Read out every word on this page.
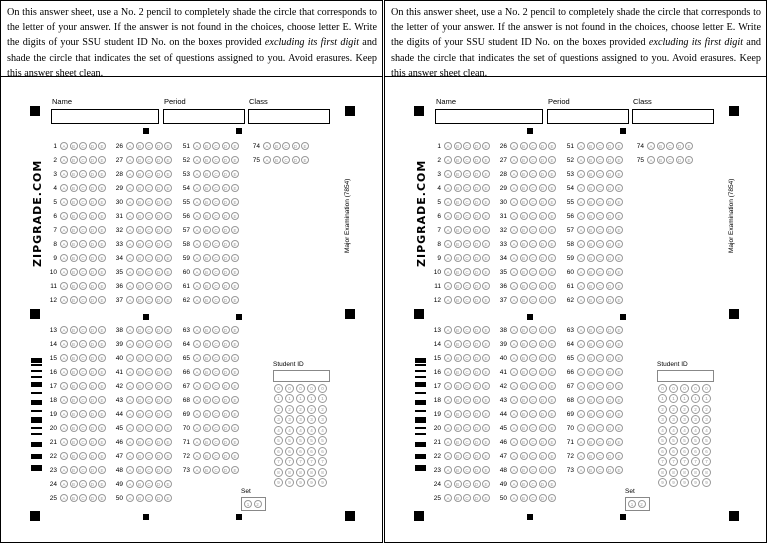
On this answer sheet, use a No. 2 pencil to completely shade the circle that corresponds to the letter of your answer. If the answer is not found in the choices, choose letter E. Write the digits of your SSU student ID No. on the boxes provided excluding its first digit and shade the circle that indicates the set of questions assigned to you. Avoid erasures. Keep this answer sheet clean.
Name	Period	Class
ZIPGRADE.COM	Major Examination (7854)
1	A	B	C	D	E	26	A	B	C	D	E	51	A	B	C	D	E	74	A	B	C	D	E
2	A	B	C	D	E	27	A	B	C	D	E	52	A	B	C	D	E	75	A	B	C	D	E
3	A	B	C	D	E	28	A	B	C	D	E	53	A	B	C	D	E
4	A	B	C	D	E	29	A	B	C	D	E	54	A	B	C	D	E
5	A	B	C	D	E	30	A	B	C	D	E	55	A	B	C	D	E
6	A	B	C	D	E	31	A	B	C	D	E	56	A	B	C	D	E
7	A	B	C	D	E	32	A	B	C	D	E	57	A	B	C	D	E
8	A	B	C	D	E	33	A	B	C	D	E	58	A	B	C	D	E
9	A	B	C	D	E	34	A	B	C	D	E	59	A	B	C	D	E
10	A	B	C	D	E	35	A	B	C	D	E	60	A	B	C	D	E
11	A	B	C	D	E	36	A	B	C	D	E	61	A	B	C	D	E
12	A	B	C	D	E	37	A	B	C	D	E	62	A	B	C	D	E
13	A	B	C	D	E	38	A	B	C	D	E	63	A	B	C	D	E
14	A	B	C	D	E	39	A	B	C	D	E	64	A	B	C	D	E
15	A	B	C	D	E	40	A	B	C	D	E	65	A	B	C	D	E
16	A	B	C	D	E	41	A	B	C	D	E	66	A	B	C	D	E
17	A	B	C	D	E	42	A	B	C	D	E	67	A	B	C	D	E
18	A	B	C	D	E	43	A	B	C	D	E	68	A	B	C	D	E
19	A	B	C	D	E	44	A	B	C	D	E	69	A	B	C	D	E
20	A	B	C	D	E	45	A	B	C	D	E	70	A	B	C	D	E
21	A	B	C	D	E	46	A	B	C	D	E	71	A	B	C	D	E
22	A	B	C	D	E	47	A	B	C	D	E	72	A	B	C	D	E
23	A	B	C	D	E	48	A	B	C	D	E	73	A	B	C	D	E
24	A	B	C	D	E	49	A	B	C	D	E
25	A	B	C	D	E	50	A	B	C	D	E
Student ID
0	0	0	0	0
1	1	1	1	1
2	2	2	2	2
3	3	3	3	3
4	4	4	4	4
5	5	5	5	5
6	6	6	6	6
7	7	7	7	7
8	8	8	8	8
9	9	9	9	9
Set
1	2
On this answer sheet, use a No. 2 pencil to completely shade the circle that corresponds to the letter of your answer. If the answer is not found in the choices, choose letter E. Write the digits of your SSU student ID No. on the boxes provided excluding its first digit and shade the circle that indicates the set of questions assigned to you. Avoid erasures. Keep this answer sheet clean.
Name	Period	Class
ZIPGRADE.COM	Major Examination (7854)
1	A	B	C	D	E	26	A	B	C	D	E	51	A	B	C	D	E	74	A	B	C	D	E
2	A	B	C	D	E	27	A	B	C	D	E	52	A	B	C	D	E	75	A	B	C	D	E
3	A	B	C	D	E	28	A	B	C	D	E	53	A	B	C	D	E
4	A	B	C	D	E	29	A	B	C	D	E	54	A	B	C	D	E
5	A	B	C	D	E	30	A	B	C	D	E	55	A	B	C	D	E
6	A	B	C	D	E	31	A	B	C	D	E	56	A	B	C	D	E
7	A	B	C	D	E	32	A	B	C	D	E	57	A	B	C	D	E
8	A	B	C	D	E	33	A	B	C	D	E	58	A	B	C	D	E
9	A	B	C	D	E	34	A	B	C	D	E	59	A	B	C	D	E
10	A	B	C	D	E	35	A	B	C	D	E	60	A	B	C	D	E
11	A	B	C	D	E	36	A	B	C	D	E	61	A	B	C	D	E
12	A	B	C	D	E	37	A	B	C	D	E	62	A	B	C	D	E
13	A	B	C	D	E	38	A	B	C	D	E	63	A	B	C	D	E
14	A	B	C	D	E	39	A	B	C	D	E	64	A	B	C	D	E
15	A	B	C	D	E	40	A	B	C	D	E	65	A	B	C	D	E
16	A	B	C	D	E	41	A	B	C	D	E	66	A	B	C	D	E
17	A	B	C	D	E	42	A	B	C	D	E	67	A	B	C	D	E
18	A	B	C	D	E	43	A	B	C	D	E	68	A	B	C	D	E
19	A	B	C	D	E	44	A	B	C	D	E	69	A	B	C	D	E
20	A	B	C	D	E	45	A	B	C	D	E	70	A	B	C	D	E
21	A	B	C	D	E	46	A	B	C	D	E	71	A	B	C	D	E
22	A	B	C	D	E	47	A	B	C	D	E	72	A	B	C	D	E
23	A	B	C	D	E	48	A	B	C	D	E	73	A	B	C	D	E
24	A	B	C	D	E	49	A	B	C	D	E
25	A	B	C	D	E	50	A	B	C	D	E
Student ID
0	0	0	0	0
1	1	1	1	1
2	2	2	2	2
3	3	3	3	3
4	4	4	4	4
5	5	5	5	5
6	6	6	6	6
7	7	7	7	7
8	8	8	8	8
9	9	9	9	9
Set
1	2
